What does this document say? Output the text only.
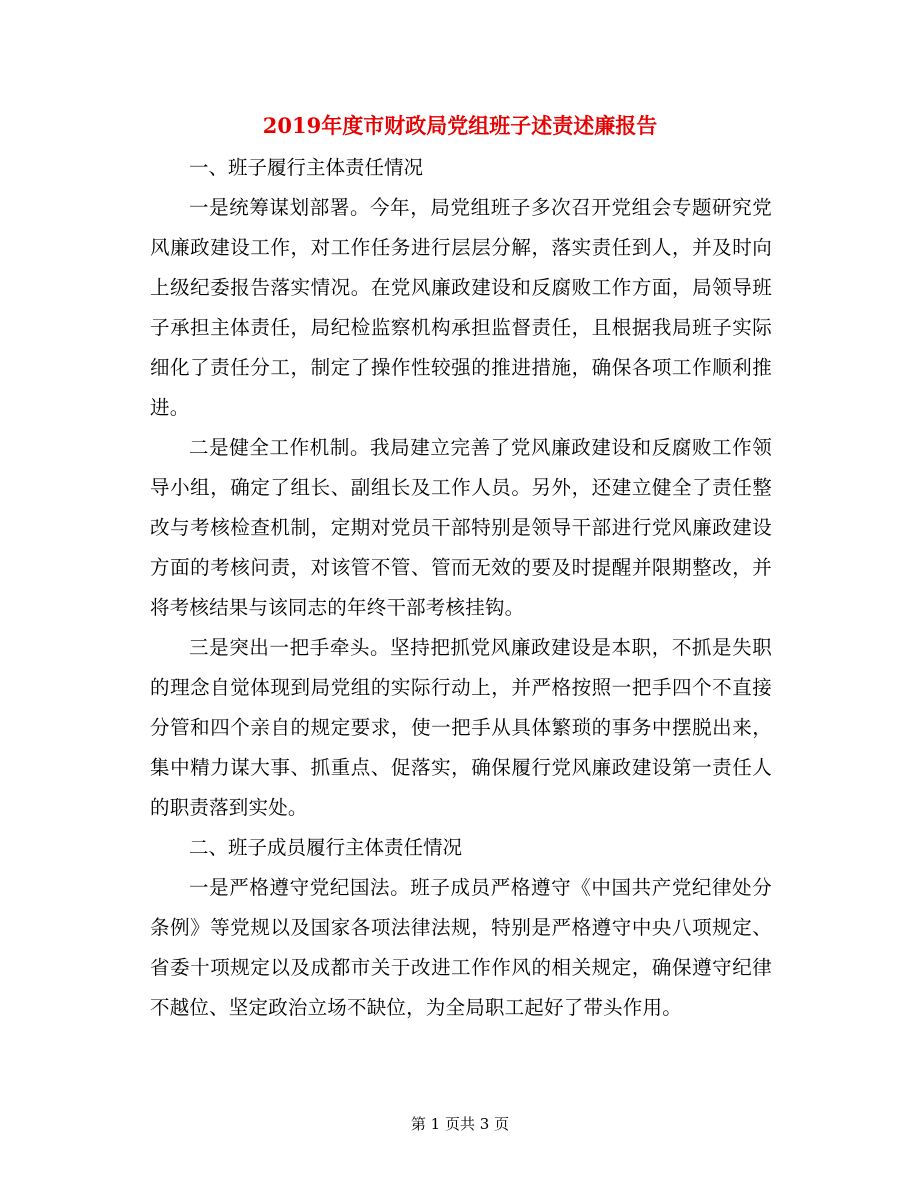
2019年度市财政局党组班子述责述廉报告

一、班子履行主体责任情况

一是统筹谋划部署。今年，局党组班子多次召开党组会专题研究党风廉政建设工作，对工作任务进行层层分解，落实责任到人，并及时向上级纪委报告落实情况。在党风廉政建设和反腐败工作方面，局领导班子承担主体责任，局纪检监察机构承担监督责任，且根据我局班子实际细化了责任分工，制定了操作性较强的推进措施，确保各项工作顺利推进。

二是健全工作机制。我局建立完善了党风廉政建设和反腐败工作领导小组，确定了组长、副组长及工作人员。另外，还建立健全了责任整改与考核检查机制，定期对党员干部特别是领导干部进行党风廉政建设方面的考核问责，对该管不管、管而无效的要及时提醒并限期整改，并将考核结果与该同志的年终干部考核挂钩。

三是突出一把手牵头。坚持把抓党风廉政建设是本职，不抓是失职的理念自觉体现到局党组的实际行动上，并严格按照一把手四个不直接分管和四个亲自的规定要求，使一把手从具体繁琐的事务中摆脱出来，集中精力谋大事、抓重点、促落实，确保履行党风廉政建设第一责任人的职责落到实处。

二、班子成员履行主体责任情况

一是严格遵守党纪国法。班子成员严格遵守《中国共产党纪律处分条例》等党规以及国家各项法律法规，特别是严格遵守中央八项规定、省委十项规定以及成都市关于改进工作作风的相关规定，确保遵守纪律不越位、坚定政治立场不缺位，为全局职工起好了带头作用。

第 1 页共 3 页
